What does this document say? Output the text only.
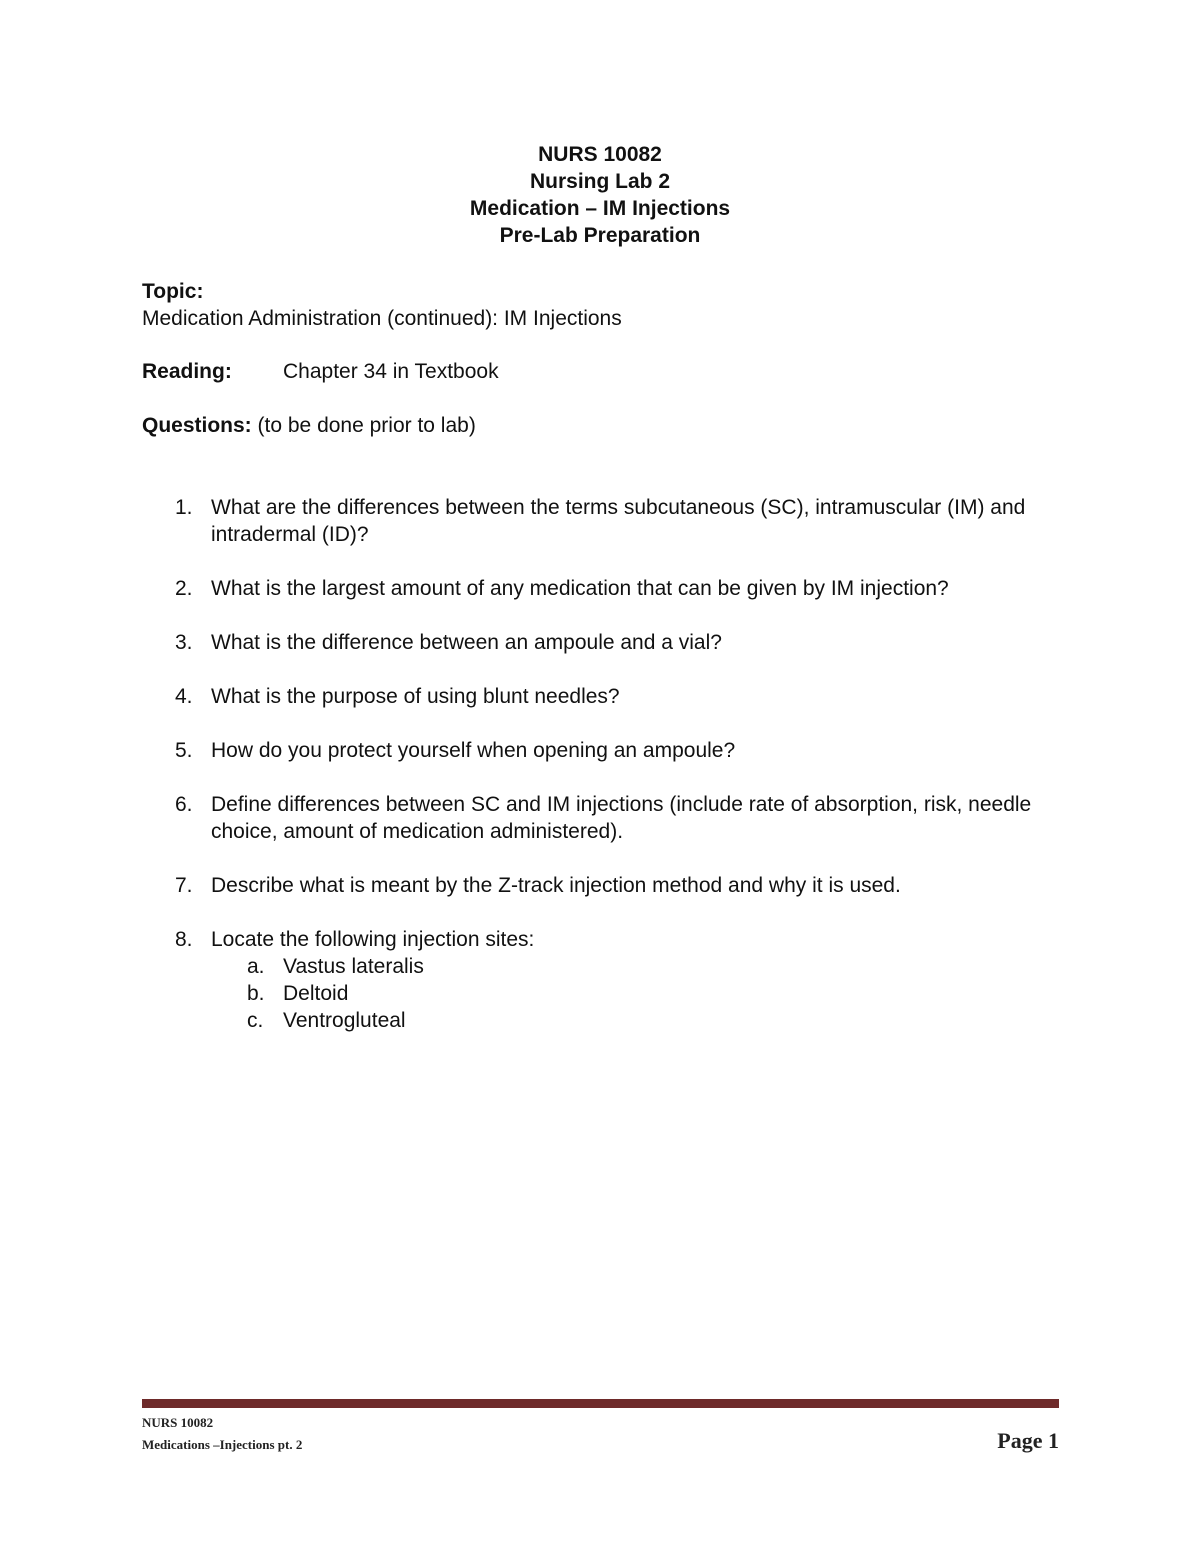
NURS 10082
Nursing Lab 2
Medication – IM Injections
Pre-Lab Preparation
Topic:
Medication Administration (continued): IM Injections
Reading: Chapter 34 in Textbook
Questions: (to be done prior to lab)
1. What are the differences between the terms subcutaneous (SC), intramuscular (IM) and intradermal (ID)?
2. What is the largest amount of any medication that can be given by IM injection?
3. What is the difference between an ampoule and a vial?
4. What is the purpose of using blunt needles?
5. How do you protect yourself when opening an ampoule?
6. Define differences between SC and IM injections (include rate of absorption, risk, needle choice, amount of medication administered).
7. Describe what is meant by the Z-track injection method and why it is used.
8. Locate the following injection sites:
a. Vastus lateralis
b. Deltoid
c. Ventrogluteal
NURS 10082
Medications –Injections pt. 2	Page 1
